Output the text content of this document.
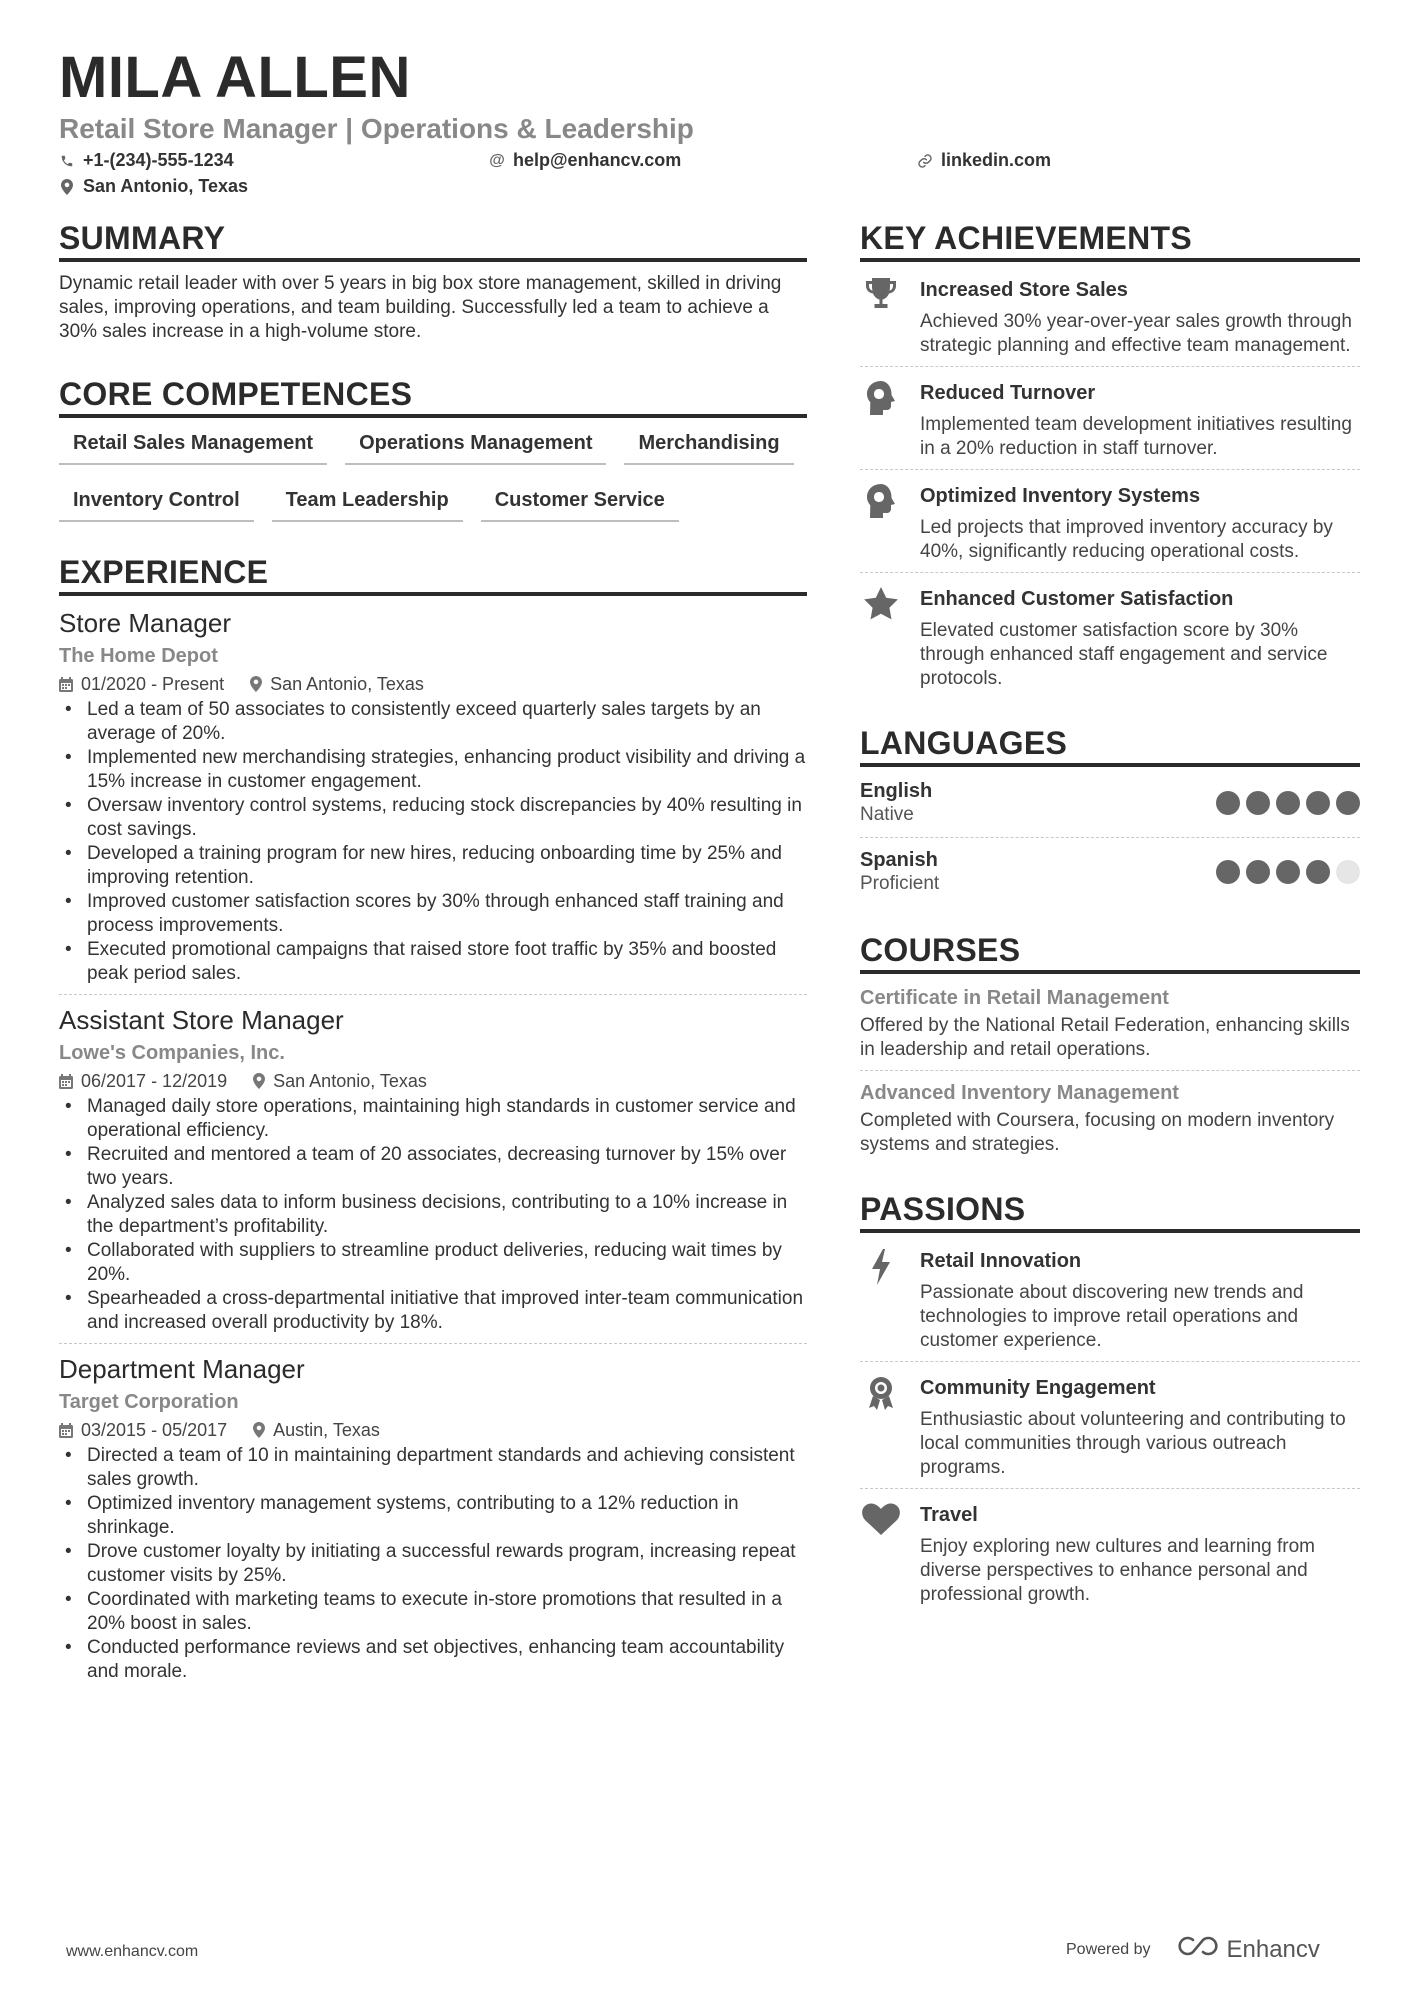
MILA ALLEN
Retail Store Manager | Operations & Leadership
+1-(234)-555-1234	@ help@enhancv.com	linkedin.com
San Antonio, Texas
SUMMARY
Dynamic retail leader with over 5 years in big box store management, skilled in driving sales, improving operations, and team building. Successfully led a team to achieve a 30% sales increase in a high-volume store.
CORE COMPETENCES
Retail Sales Management	Operations Management	Merchandising
Inventory Control	Team Leadership	Customer Service
EXPERIENCE
Store Manager
The Home Depot
01/2020 - Present	San Antonio, Texas
• Led a team of 50 associates to consistently exceed quarterly sales targets by an average of 20%.
• Implemented new merchandising strategies, enhancing product visibility and driving a 15% increase in customer engagement.
• Oversaw inventory control systems, reducing stock discrepancies by 40% resulting in cost savings.
• Developed a training program for new hires, reducing onboarding time by 25% and improving retention.
• Improved customer satisfaction scores by 30% through enhanced staff training and process improvements.
• Executed promotional campaigns that raised store foot traffic by 35% and boosted peak period sales.
Assistant Store Manager
Lowe's Companies, Inc.
06/2017 - 12/2019	San Antonio, Texas
• Managed daily store operations, maintaining high standards in customer service and operational efficiency.
• Recruited and mentored a team of 20 associates, decreasing turnover by 15% over two years.
• Analyzed sales data to inform business decisions, contributing to a 10% increase in the department’s profitability.
• Collaborated with suppliers to streamline product deliveries, reducing wait times by 20%.
• Spearheaded a cross-departmental initiative that improved inter-team communication and increased overall productivity by 18%.
Department Manager
Target Corporation
03/2015 - 05/2017	Austin, Texas
• Directed a team of 10 in maintaining department standards and achieving consistent sales growth.
• Optimized inventory management systems, contributing to a 12% reduction in shrinkage.
• Drove customer loyalty by initiating a successful rewards program, increasing repeat customer visits by 25%.
• Coordinated with marketing teams to execute in-store promotions that resulted in a 20% boost in sales.
• Conducted performance reviews and set objectives, enhancing team accountability and morale.
KEY ACHIEVEMENTS
Increased Store Sales
Achieved 30% year-over-year sales growth through strategic planning and effective team management.
Reduced Turnover
Implemented team development initiatives resulting in a 20% reduction in staff turnover.
Optimized Inventory Systems
Led projects that improved inventory accuracy by 40%, significantly reducing operational costs.
Enhanced Customer Satisfaction
Elevated customer satisfaction score by 30% through enhanced staff engagement and service protocols.
LANGUAGES
English
Native
Spanish
Proficient
COURSES
Certificate in Retail Management
Offered by the National Retail Federation, enhancing skills in leadership and retail operations.
Advanced Inventory Management
Completed with Coursera, focusing on modern inventory systems and strategies.
PASSIONS
Retail Innovation
Passionate about discovering new trends and technologies to improve retail operations and customer experience.
Community Engagement
Enthusiastic about volunteering and contributing to local communities through various outreach programs.
Travel
Enjoy exploring new cultures and learning from diverse perspectives to enhance personal and professional growth.
www.enhancv.com	Powered by	Enhancv
